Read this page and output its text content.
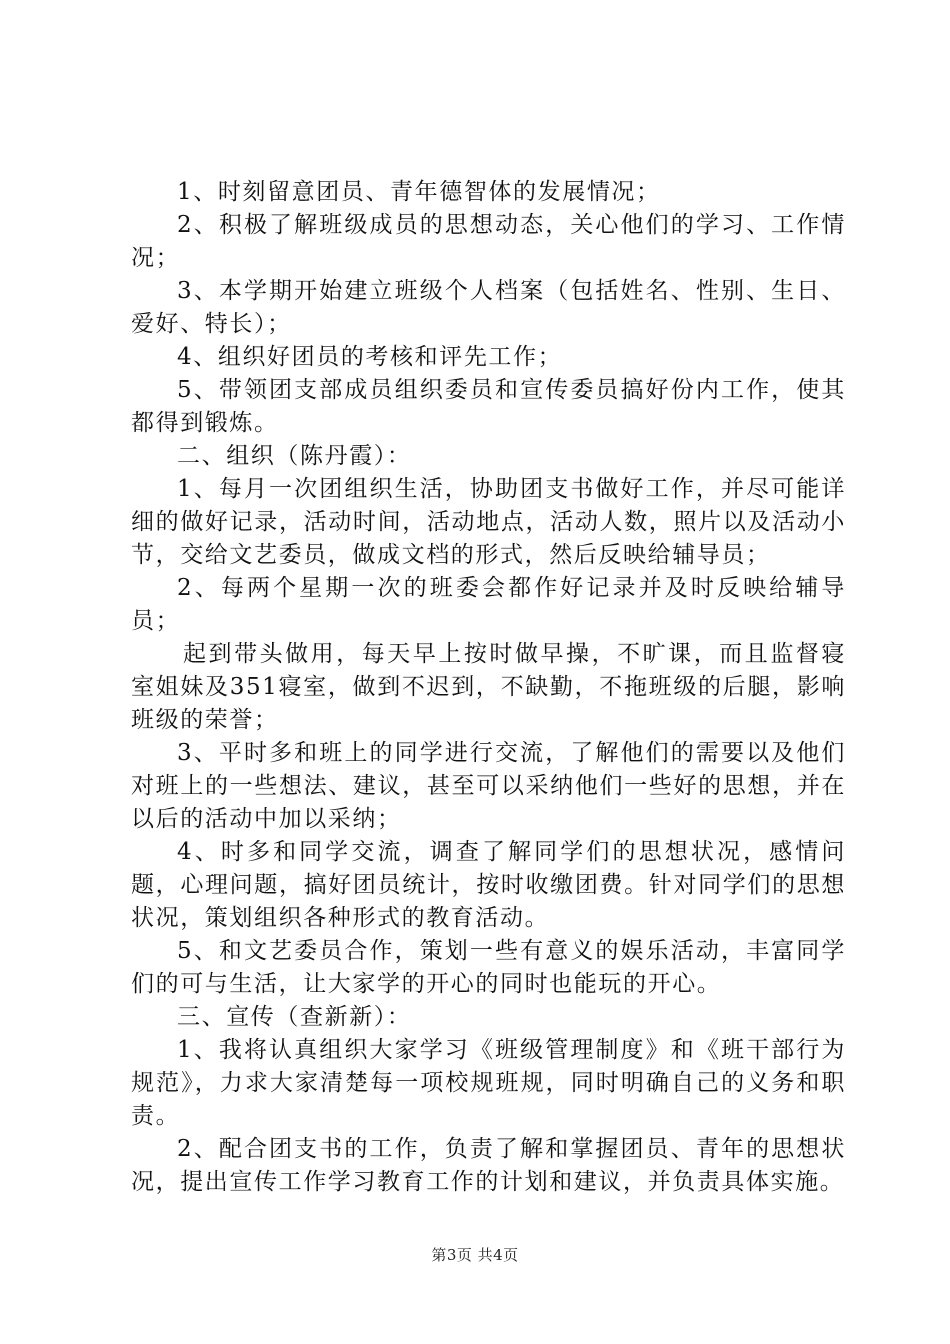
1、时刻留意团员、青年德智体的发展情况；

2、积极了解班级成员的思想动态，关心他们的学习、工作情况；

3、本学期开始建立班级个人档案（包括姓名、性别、生日、爱好、特长）；

4、组织好团员的考核和评先工作；

5、带领团支部成员组织委员和宣传委员搞好份内工作，使其都得到锻炼。

二、组织（陈丹霞）：

1、每月一次团组织生活，协助团支书做好工作，并尽可能详细的做好记录，活动时间，活动地点，活动人数，照片以及活动小节，交给文艺委员，做成文档的形式，然后反映给辅导员；

2、每两个星期一次的班委会都作好记录并及时反映给辅导员；

起到带头做用，每天早上按时做早操，不旷课，而且监督寝室姐妹及351寝室，做到不迟到，不缺勤，不拖班级的后腿，影响班级的荣誉；

3、平时多和班上的同学进行交流，了解他们的需要以及他们对班上的一些想法、建议，甚至可以采纳他们一些好的思想，并在以后的活动中加以采纳；

4、时多和同学交流，调查了解同学们的思想状况，感情问题，心理问题，搞好团员统计，按时收缴团费。针对同学们的思想状况，策划组织各种形式的教育活动。

5、和文艺委员合作，策划一些有意义的娱乐活动，丰富同学们的可与生活，让大家学的开心的同时也能玩的开心。

三、宣传（查新新）：

1、我将认真组织大家学习《班级管理制度》和《班干部行为规范》，力求大家清楚每一项校规班规，同时明确自己的义务和职责。

2、配合团支书的工作，负责了解和掌握团员、青年的思想状况，提出宣传工作学习教育工作的计划和建议，并负责具体实施。

第3页 共4页
